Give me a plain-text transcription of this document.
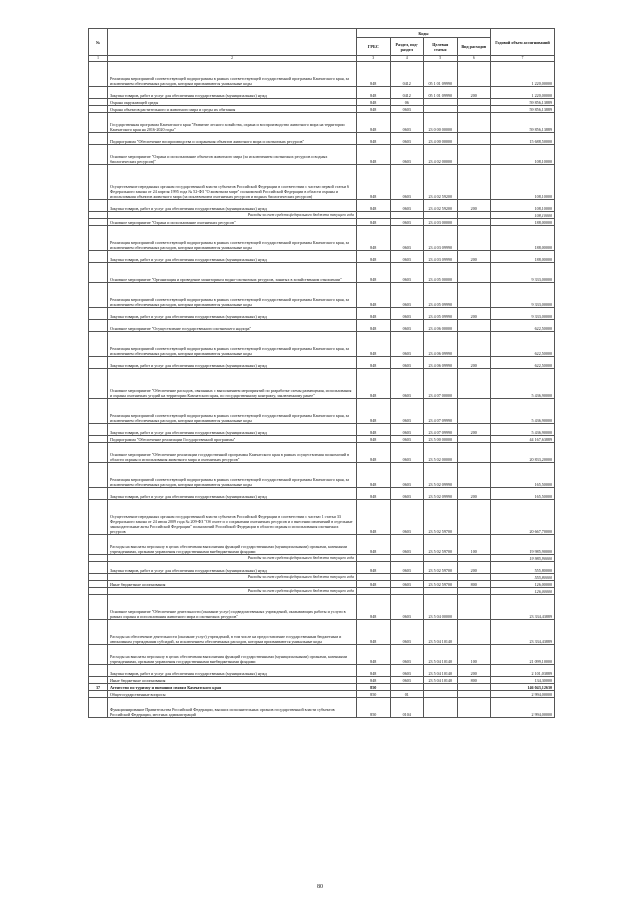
№		Коды				Годовой объем ассигнований
		ГРБС	Раздел, под-раздел	Целевая статья	Вид расходов	
1	2	3	4	5	6	7
	Реализация мероприятий соответствующей подпрограммы в рамках соответствующей государственной программы Камчатского края, за исключением обеспеченных расходов, которым присваиваются уникальные коды	848	0412	05 1 01 09990		1 220,00000
	Закупка товаров, работ и услуг для обеспечения государственных (муниципальных) нужд	848	0412	05 1 01 09990	200	1 220,00000
	Охрана окружающей среды	848	06			59 856,13889
	Охрана объектов растительного и животного мира и среды их обитания	848	0603			59 856,13889
	Государственная программа Камчатского края "Развитие лесного хозяйства, охрана и воспроизводство животного мира на территории Камчатского края на 2016-2020 годы"	848	0603	23 0 00 00000		59 856,13889
	Подпрограмма "Обеспечение воспроизводства и сохранения объектов животного мира и охотничьих ресурсов"	848	0603	23 4 00 00000		15 688,50000
	Основное мероприятие "Охрана и использование объектов животного мира (за исключением охотничьих ресурсов и водных биологических ресурсов)"	848	0603	23 4 02 00000		108,10000
	Осуществление переданных органам государственной власти субъектов Российской Федерации в соответствии с частью первой статьи 6 Федерального закона от 24 апреля 1995 года № 52-ФЗ "О животном мире" полномочий Российской Федерации в области охраны и использования объектов животного мира (за исключением охотничьих ресурсов и водных биологических ресурсов)	848	0603	23 4 02 59200		108,10000
	Закупка товаров, работ и услуг для обеспечения государственных (муниципальных) нужд	848	0603	23 4 02 59200	200	108,10000
	Расходы за счет средств федерального бюджета текущего года					108,10000
	Основное мероприятие "Охрана и использование охотничьих ресурсов"	848	0603	23 4 03 00000		188,00000
	Реализация мероприятий соответствующей подпрограммы в рамках соответствующей государственной программы Камчатского края, за исключением обеспеченных расходов, которым присваиваются уникальные коды	848	0603	23 4 03 09990		188,00000
	Закупка товаров, работ и услуг для обеспечения государственных (муниципальных) нужд	848	0603	23 4 03 09990	200	188,00000
	Основное мероприятие "Организация и проведение мониторинга водно-охотничьих ресурсов, занятых в хозяйственном отношении"	848	0603	23 4 05 00000		9 333,00000
	Реализация мероприятий соответствующей подпрограммы в рамках соответствующей государственной программы Камчатского края, за исключением обеспеченных расходов, которым присваиваются уникальные коды	848	0603	23 4 05 09990		9 333,00000
	Закупка товаров, работ и услуг для обеспечения государственных (муниципальных) нужд	848	0603	23 4 05 09990	200	9 333,00000
	Основное мероприятие "Осуществление государственного охотничьего надзора"	848	0603	23 4 06 00000		622,50000
	Реализация мероприятий соответствующей подпрограммы в рамках соответствующей государственной программы Камчатского края, за исключением обеспеченных расходов, которым присваиваются уникальные коды	848	0603	23 4 06 09990		622,50000
	Закупка товаров, работ и услуг для обеспечения государственных (муниципальных) нужд	848	0603	23 4 06 09990	200	622,50000
	Основное мероприятие "Обеспечение расходов, связанных с выполнением мероприятий по разработке схемы размещения, использования и охраны охотничьих угодий на территории Камчатского края, по государственному контракту, заключенному ранее"	848	0603	23 4 07 00000		5 436,90000
	Реализация мероприятий соответствующей подпрограммы в рамках соответствующей государственной программы Камчатского края, за исключением обеспеченных расходов, которым присваиваются уникальные коды	848	0603	23 4 07 09990		5 436,90000
	Закупка товаров, работ и услуг для обеспечения государственных (муниципальных) нужд	848	0603	23 4 07 09990	200	5 436,90000
	Подпрограмма "Обеспечение реализации Государственной программы"	848	0603	23 5 00 00000		44 167,63889
	Основное мероприятие "Обеспечение реализации государственной программы Камчатского края в рамках осуществления полномочий в области охраны и использования животного мира и охотничьих ресурсов"	848	0603	23 5 02 00000		20 833,20000
	Реализация мероприятий соответствующей подпрограммы в рамках соответствующей государственной программы Камчатского края, за исключением обеспеченных расходов, которым присваиваются уникальные коды	848	0603	23 5 02 09990		165,50000
	Закупка товаров, работ и услуг для обеспечения государственных (муниципальных) нужд	848	0603	23 5 02 09990	200	165,50000
	Осуществление переданных органам государственной власти субъектов Российской Федерации в соответствии с частью 1 статьи 33 Федерального закона от 24 июля 2009 года № 209-ФЗ "Об охоте и о сохранении охотничьих ресурсов и о внесении изменений в отдельные законодательные акты Российской Федерации" полномочий Российской Федерации в области охраны и использования охотничьих ресурсов	848	0603	23 5 02 59700		20 667,70000
	Расходы на выплаты персоналу в целях обеспечения выполнения функций государственными (муниципальными) органами, казенными учреждениями, органами управления государственными внебюджетными фондами	848	0603	23 5 02 59700	100	19 985,90000
	Расходы за счет средств федерального бюджета текущего года					19 985,90000
	Закупка товаров, работ и услуг для обеспечения государственных (муниципальных) нужд	848	0603	23 5 02 59700	200	555,80000
	Расходы за счет средств федерального бюджета текущего года					555,80000
	Иные бюджетные ассигнования	848	0603	23 5 02 59700	800	126,00000
	Расходы за счет средств федерального бюджета текущего года					126,00000
	Основное мероприятие "Обеспечение деятельности (оказание услуг) подведомственных учреждений, оказывающих работы и услуги в рамках охраны и использования животного мира и охотничьих ресурсов"	848	0603	23 5 04 00000		23 334,43889
	Расходы на обеспечение деятельности (оказание услуг) учреждений, в том числе на предоставление государственным бюджетным и автономным учреждениям субсидий, за исключением обеспеченных расходов, которым присваиваются уникальные коды	848	0603	23 5 04 10140		23 334,43889
	Расходы на выплаты персоналу в целях обеспечения выполнения функций государственными (муниципальными) органами, казенными учреждениями, органами управления государственными внебюджетными фондами	848	0603	23 5 04 10140	100	21 099,10000
	Закупка товаров, работ и услуг для обеспечения государственных (муниципальных) нужд	848	0603	23 5 04 10140	200	2 101,03889
	Иные бюджетные ассигнования	848	0603	23 5 04 10140	800	134,30000
37	Агентство по туризму и внешним связям Камчатского края	850				146 043,12630
	Общегосударственные вопросы	850	01			2 994,00000
	Функционирование Правительства Российской Федерации, высших исполнительных органов государственной власти субъектов Российской Федерации, местных администраций	850	0104			2 994,00000
80
